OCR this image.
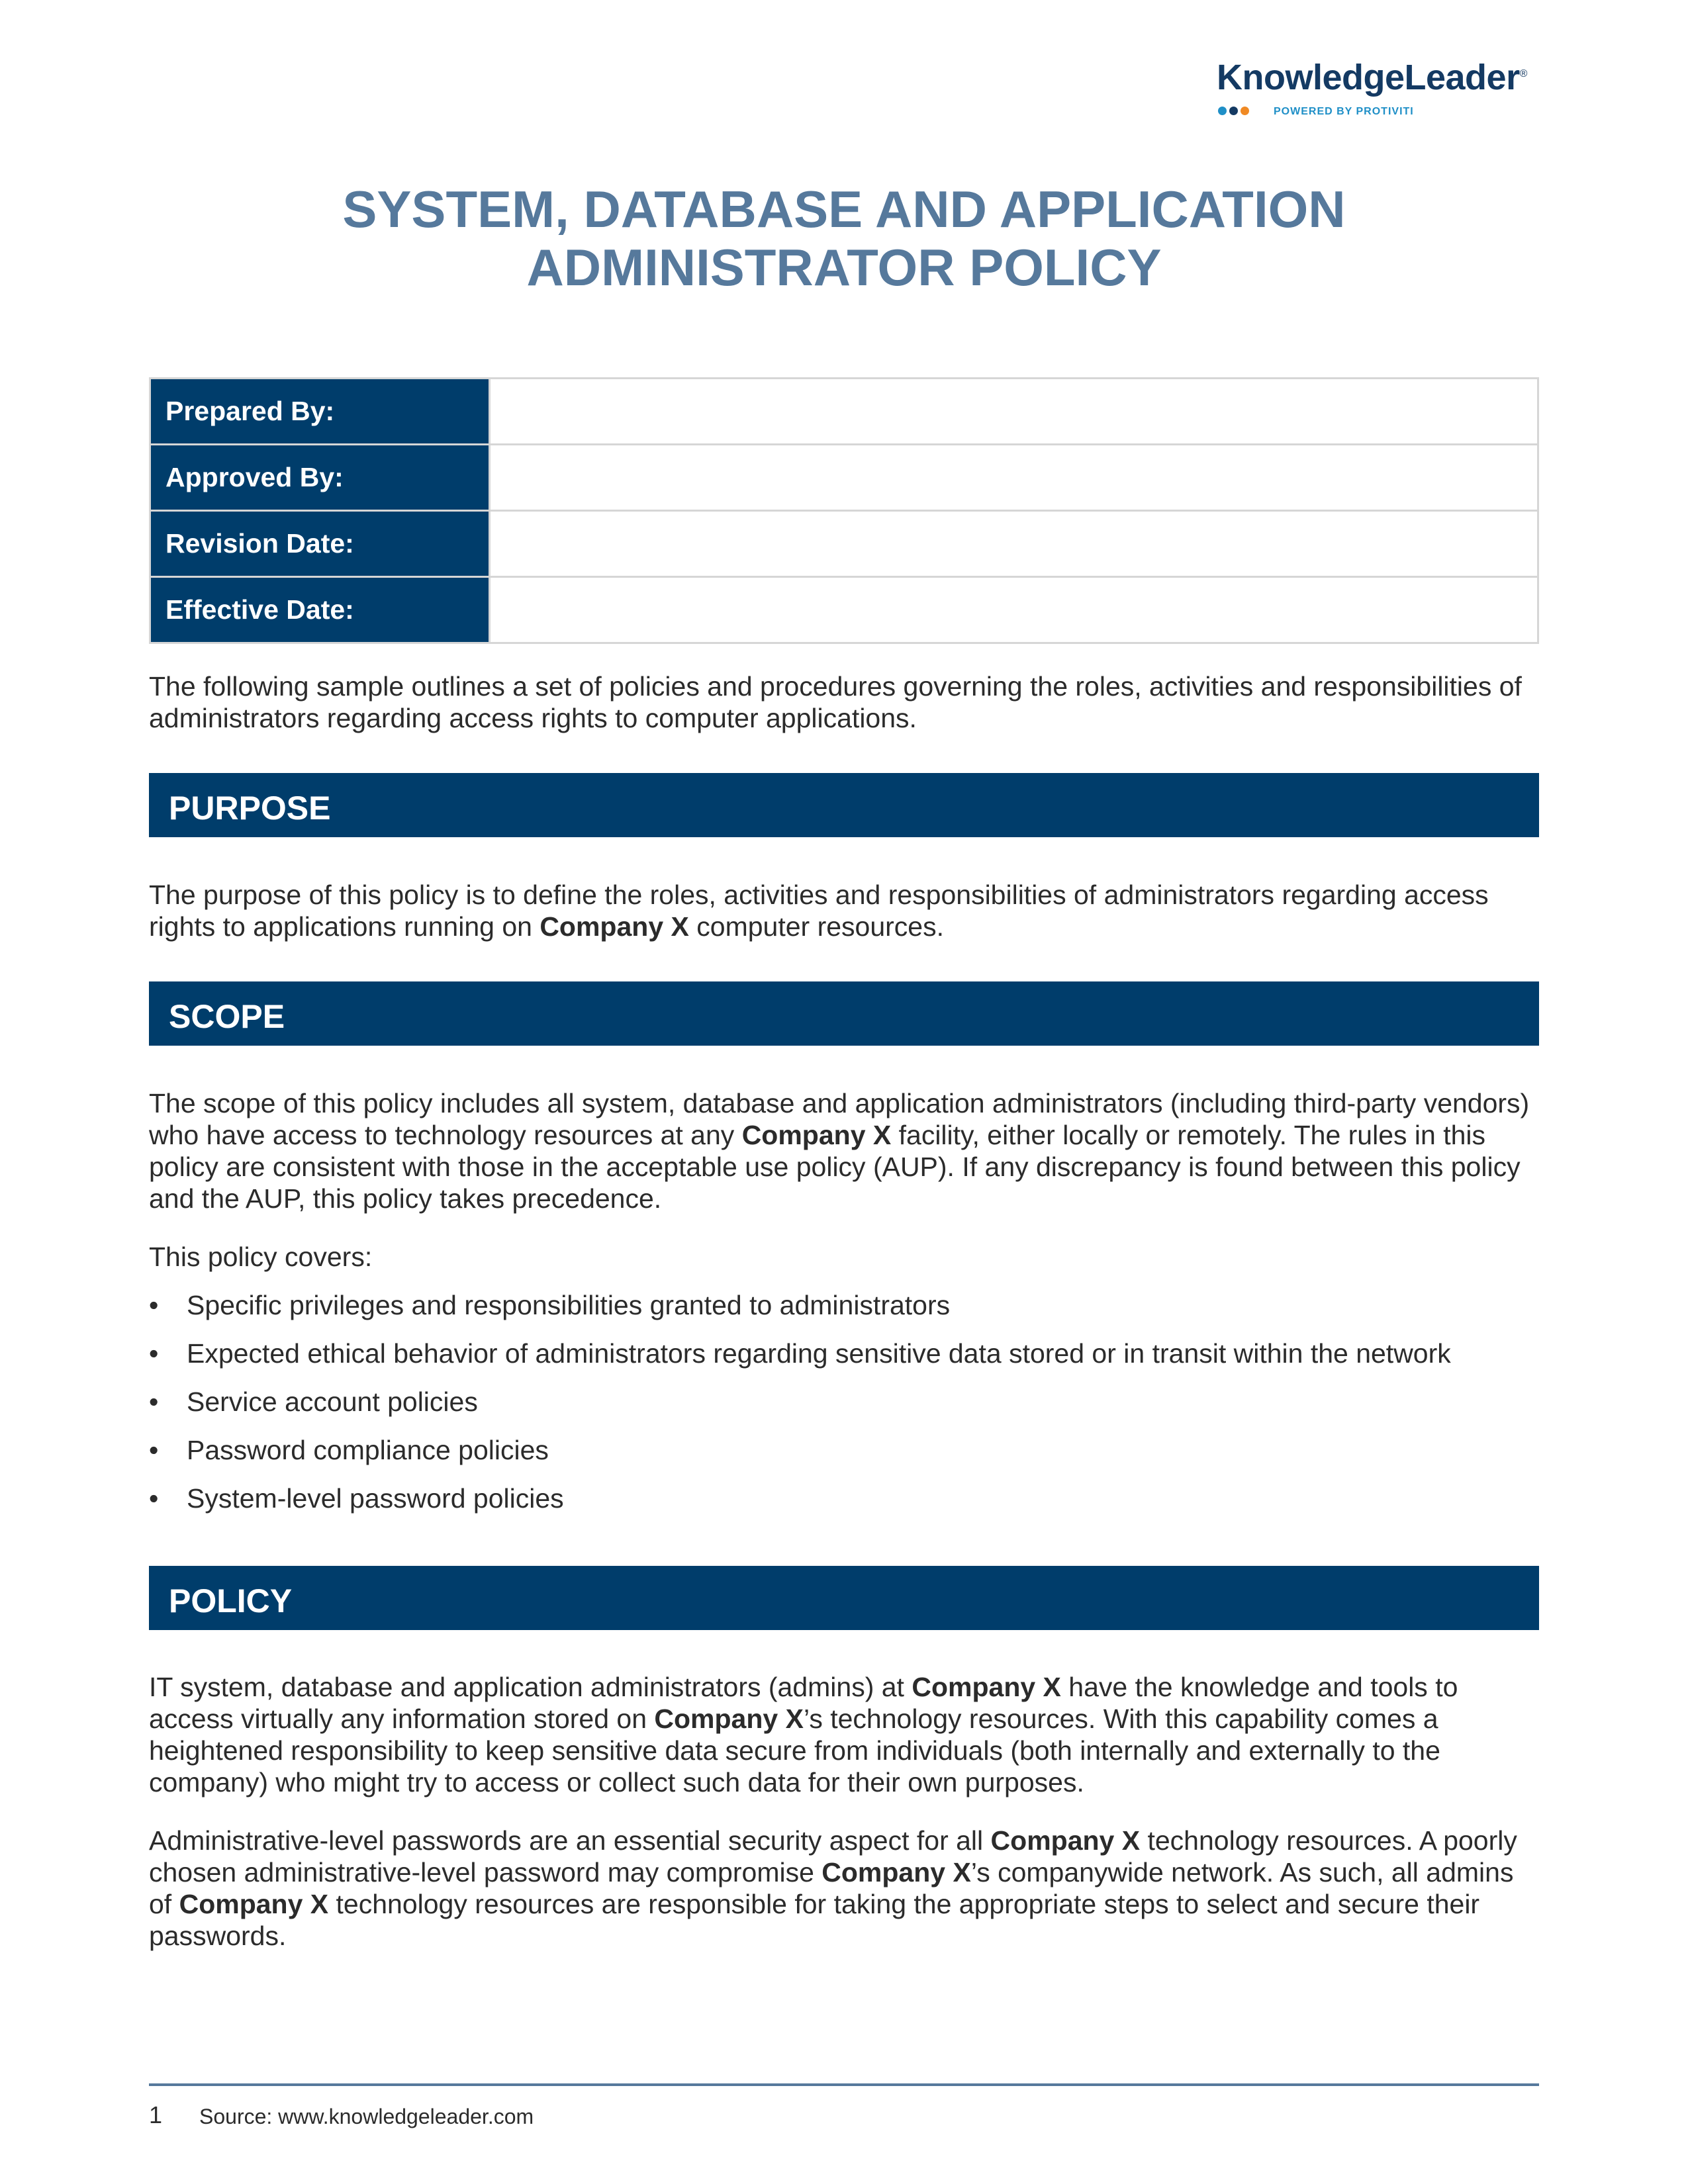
KnowledgeLeader®
POWERED BY PROTIVITI
SYSTEM, DATABASE AND APPLICATION
ADMINISTRATOR POLICY
Prepared By:	
Approved By:	
Revision Date:	
Effective Date:	

The following sample outlines a set of policies and procedures governing the roles, activities and responsibilities of administrators regarding access rights to computer applications.

PURPOSE

The purpose of this policy is to define the roles, activities and responsibilities of administrators regarding access rights to applications running on Company X computer resources.

SCOPE

The scope of this policy includes all system, database and application administrators (including third-party vendors) who have access to technology resources at any Company X facility, either locally or remotely. The rules in this policy are consistent with those in the acceptable use policy (AUP). If any discrepancy is found between this policy and the AUP, this policy takes precedence.

This policy covers:

• Specific privileges and responsibilities granted to administrators
• Expected ethical behavior of administrators regarding sensitive data stored or in transit within the network
• Service account policies
• Password compliance policies
• System-level password policies
POLICY

IT system, database and application administrators (admins) at Company X have the knowledge and tools to access virtually any information stored on Company X’s technology resources. With this capability comes a heightened responsibility to keep sensitive data secure from individuals (both internally and externally to the company) who might try to access or collect such data for their own purposes.

Administrative-level passwords are an essential security aspect for all Company X technology resources. A poorly chosen administrative-level password may compromise Company X’s companywide network. As such, all admins of Company X technology resources are responsible for taking the appropriate steps to select and secure their passwords.

1 Source: www.knowledgeleader.com
